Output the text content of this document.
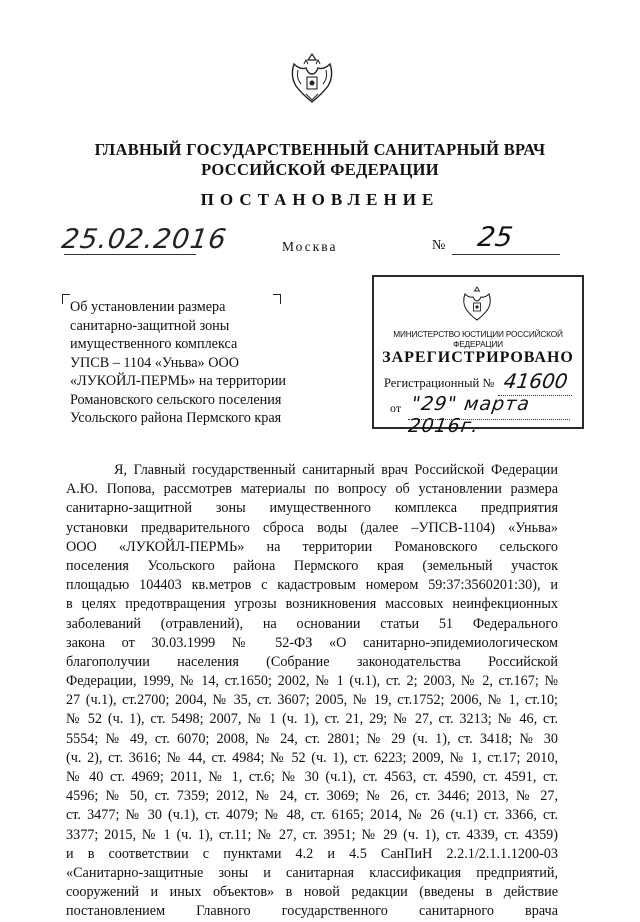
ГЛАВНЫЙ ГОСУДАРСТВЕННЫЙ САНИТАРНЫЙ ВРАЧ
РОССИЙСКОЙ ФЕДЕРАЦИИ
ПОСТАНОВЛЕНИЕ
25.02.2016	Москва	№ 25
Об установлении размера
санитарно-защитной зоны
имущественного комплекса
УПСВ – 1104 «Уньва» ООО
«ЛУКОЙЛ-ПЕРМЬ» на территории
Романовского сельского поселения
Усольского района Пермского края
МИНИСТЕРСТВО ЮСТИЦИИ РОССИЙСКОЙ ФЕДЕРАЦИИ
ЗАРЕГИСТРИРОВАНО
Регистрационный № 41600
от "29" марта 2016г.
Я, Главный государственный санитарный врач Российской Федерации
А.Ю. Попова, рассмотрев материалы по вопросу об установлении размера
санитарно-защитной зоны имущественного комплекса предприятия
установки предварительного сброса воды (далее –УПСВ-1104) «Уньва»
ООО «ЛУКОЙЛ-ПЕРМЬ» на территории Романовского сельского
поселения Усольского района Пермского края (земельный участок
площадью 104403 кв.метров с кадастровым номером 59:37:3560201:30), и
в целях предотвращения угрозы возникновения массовых неинфекционных
заболеваний (отравлений), на основании статьи 51 Федерального
закона от 30.03.1999 № 52-ФЗ «О санитарно-эпидемиологическом
благополучии населения (Собрание законодательства Российской
Федерации, 1999, № 14, ст.1650; 2002, № 1 (ч.1), ст. 2; 2003, № 2, ст.167; №
27 (ч.1), ст.2700; 2004, № 35, ст. 3607; 2005, № 19, ст.1752; 2006, № 1, ст.10;
№ 52 (ч. 1), ст. 5498; 2007, № 1 (ч. 1), ст. 21, 29; № 27, ст. 3213; № 46, ст.
5554; № 49, ст. 6070; 2008, № 24, ст. 2801; № 29 (ч. 1), ст. 3418; № 30
(ч. 2), ст. 3616; № 44, ст. 4984; № 52 (ч. 1), ст. 6223; 2009, № 1, ст.17; 2010,
№ 40 ст. 4969; 2011, № 1, ст.6; № 30 (ч.1), ст. 4563, ст. 4590, ст. 4591, ст.
4596; № 50, ст. 7359; 2012, № 24, ст. 3069; № 26, ст. 3446; 2013, № 27,
ст. 3477; № 30 (ч.1), ст. 4079; № 48, ст. 6165; 2014, № 26 (ч.1) ст. 3366, ст.
3377; 2015, № 1 (ч. 1), ст.11; № 27, ст. 3951; № 29 (ч. 1), ст. 4339, ст. 4359)
и в соответствии с пунктами 4.2 и 4.5 СанПиН 2.2.1/2.1.1.1200-03
«Санитарно-защитные зоны и санитарная классификация предприятий,
сооружений и иных объектов» в новой редакции (введены в действие
постановлением Главного государственного санитарного врача
